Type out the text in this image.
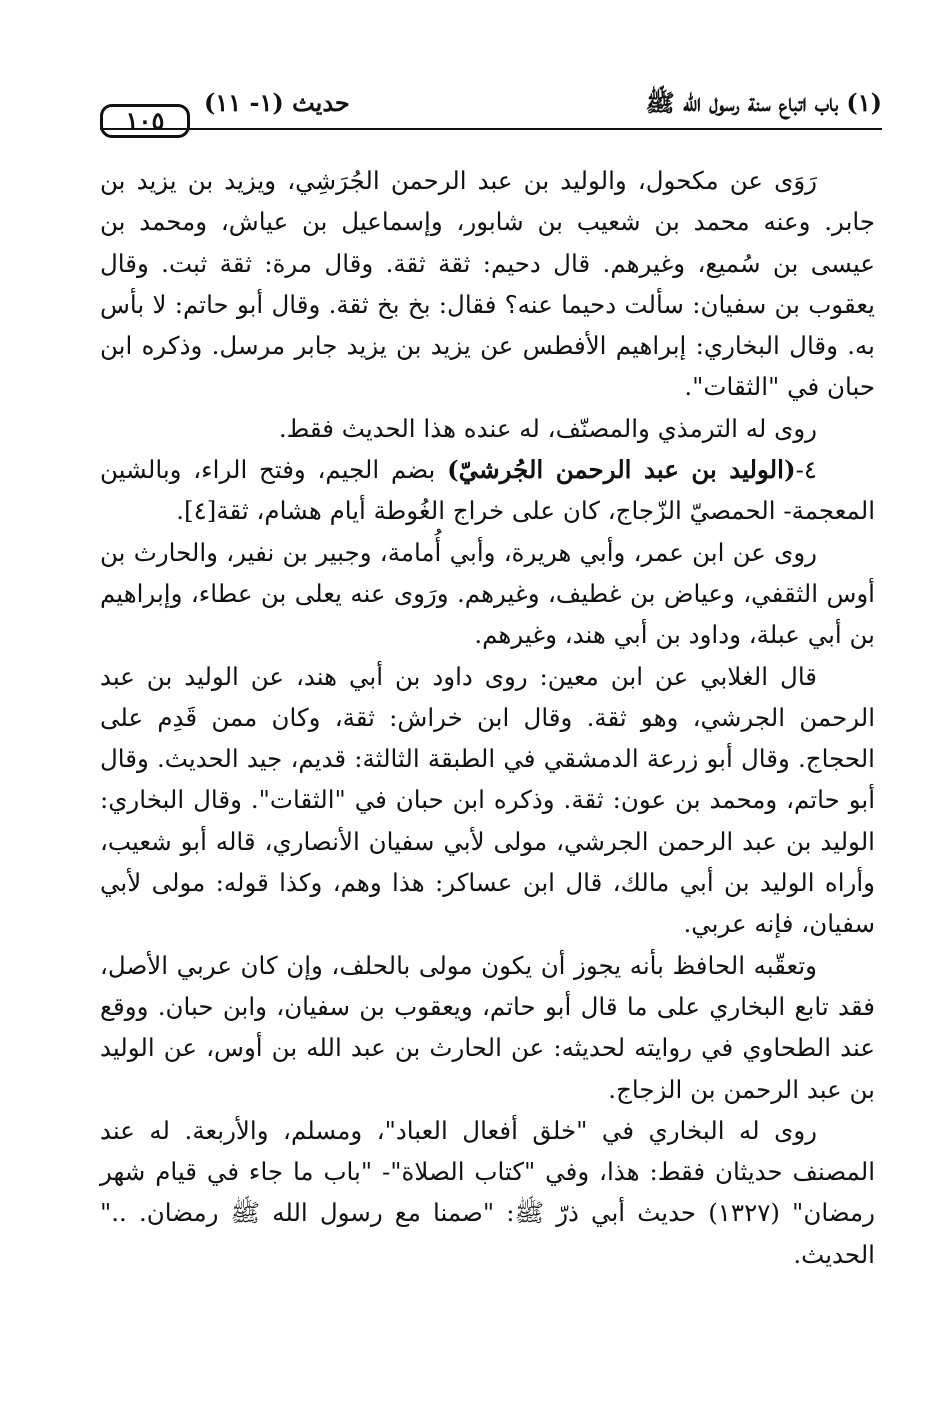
(١) باب اتباع سنة رسول الله ﷺ
حديث (١- ١١)
١٠٥

رَوَى عن مكحول، والوليد بن عبد الرحمن الجُرَشِي، ويزيد بن يزيد بن جابر. وعنه محمد بن شعيب بن شابور، وإسماعيل بن عياش، ومحمد بن عيسى بن سُميع، وغيرهم. قال دحيم: ثقة ثقة. وقال مرة: ثقة ثبت. وقال يعقوب بن سفيان: سألت دحيما عنه؟ فقال: بخ بخ ثقة. وقال أبو حاتم: لا بأس به. وقال البخاري: إبراهيم الأفطس عن يزيد بن يزيد جابر مرسل. وذكره ابن حبان في "الثقات".

روى له الترمذي والمصنّف، له عنده هذا الحديث فقط.

٤-(الوليد بن عبد الرحمن الجُرشيّ) بضم الجيم، وفتح الراء، وبالشين المعجمة- الحمصيّ الزّجاج، كان على خراج الغُوطة أيام هشام، ثقة[٤].

روى عن ابن عمر، وأبي هريرة، وأبي أُمامة، وجبير بن نفير، والحارث بن أوس الثقفي، وعياض بن غطيف، وغيرهم. ورَوى عنه يعلى بن عطاء، وإبراهيم بن أبي عبلة، وداود بن أبي هند، وغيرهم.

قال الغلابي عن ابن معين: روى داود بن أبي هند، عن الوليد بن عبد الرحمن الجرشي، وهو ثقة. وقال ابن خراش: ثقة، وكان ممن قَدِم على الحجاج. وقال أبو زرعة الدمشقي في الطبقة الثالثة: قديم، جيد الحديث. وقال أبو حاتم، ومحمد بن عون: ثقة. وذكره ابن حبان في "الثقات". وقال البخاري: الوليد بن عبد الرحمن الجرشي، مولى لأبي سفيان الأنصاري، قاله أبو شعيب، وأراه الوليد بن أبي مالك، قال ابن عساكر: هذا وهم، وكذا قوله: مولى لأبي سفيان، فإنه عربي.

وتعقّبه الحافظ بأنه يجوز أن يكون مولى بالحلف، وإن كان عربي الأصل، فقد تابع البخاري على ما قال أبو حاتم، ويعقوب بن سفيان، وابن حبان. ووقع عند الطحاوي في روايته لحديثه: عن الحارث بن عبد الله بن أوس، عن الوليد بن عبد الرحمن بن الزجاج.

روى له البخاري في "خلق أفعال العباد"، ومسلم، والأربعة. له عند المصنف حديثان فقط: هذا، وفي "كتاب الصلاة"- "باب ما جاء في قيام شهر رمضان" (١٣٢٧) حديث أبي ذرّ ﷺ: "صمنا مع رسول الله ﷺ رمضان. .." الحديث.
